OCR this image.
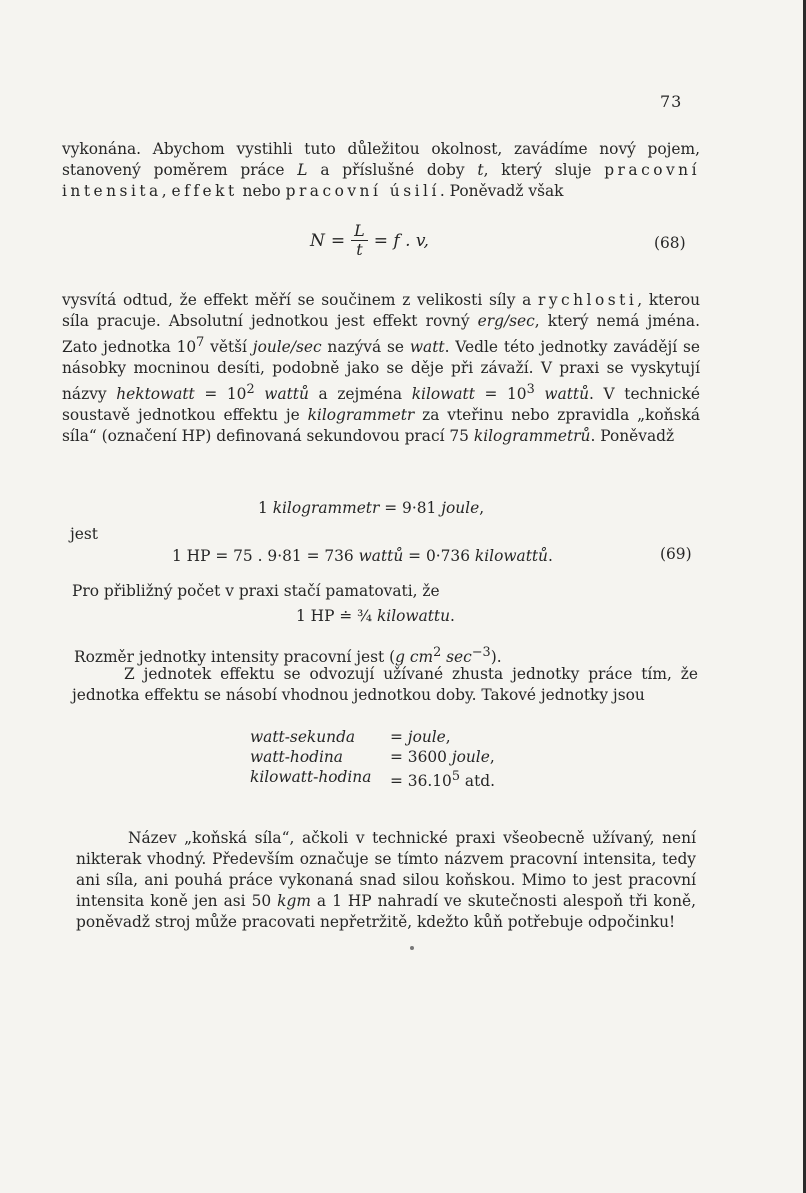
73
vykonána. Abychom vystihli tuto důležitou okolnost, zavádíme nový pojem, stanovený poměrem práce L a příslušné doby t, který sluje pracovní intensita, effekt nebo pracovní úsilí. Poněvadž však
$N = \frac{L}{t} = f$ . v,	(68)
vysvítá odtud, že effekt měří se součinem z velikosti síly a rychlosti, kterou síla pracuje. Absolutní jednotkou jest effekt rovný erg/sec, který nemá jména. Zato jednotka $10^7$ větší joule/sec nazývá se watt. Vedle této jednotky zavádějí se násobky mocninou desíti, podobně jako se děje při závaží. V praxi se vyskytují názvy hektowatt = $10^2$ wattů a zejména kilowatt = $10^3$ wattů. V technické soustavě jednotkou effektu je kilogrammetr za vteřinu nebo zpravidla „koňská síla“ (označení HP) definovaná sekundovou prací 75 kilogrammetrů. Poněvadž
1 kilogrammetr = 9·81 joule,
jest
1 HP = 75 . 9·81 = 736 wattů = 0·736 kilowattů.	(69)
Pro přibližný počet v praxi stačí pamatovati, že
1 HP ≐ ¾ kilowattu.
Rozměr jednotky intensity pracovní jest (g $cm^2$ $\sec^{-3}$).
Z jednotek effektu se odvozují užívané zhusta jednotky práce tím, že jednotka effektu se násobí vhodnou jednotkou doby. Takové jednotky jsou
watt-sekunda	= joule,
watt-hodina	= 3600 joule,
kilowatt-hodina	= $36.10^5$ atd.
Název „koňská síla“, ačkoli v technické praxi všeobecně užívaný, není nikterak vhodný. Především označuje se tímto názvem pracovní intensita, tedy ani síla, ani pouhá práce vykonaná snad silou koňskou. Mimo to jest pracovní intensita koně jen asi 50 kgm a 1 HP nahradí ve skutečnosti alespoň tři koně, poněvadž stroj může pracovati nepřetržitě, kdežto kůň potřebuje odpočinku!
